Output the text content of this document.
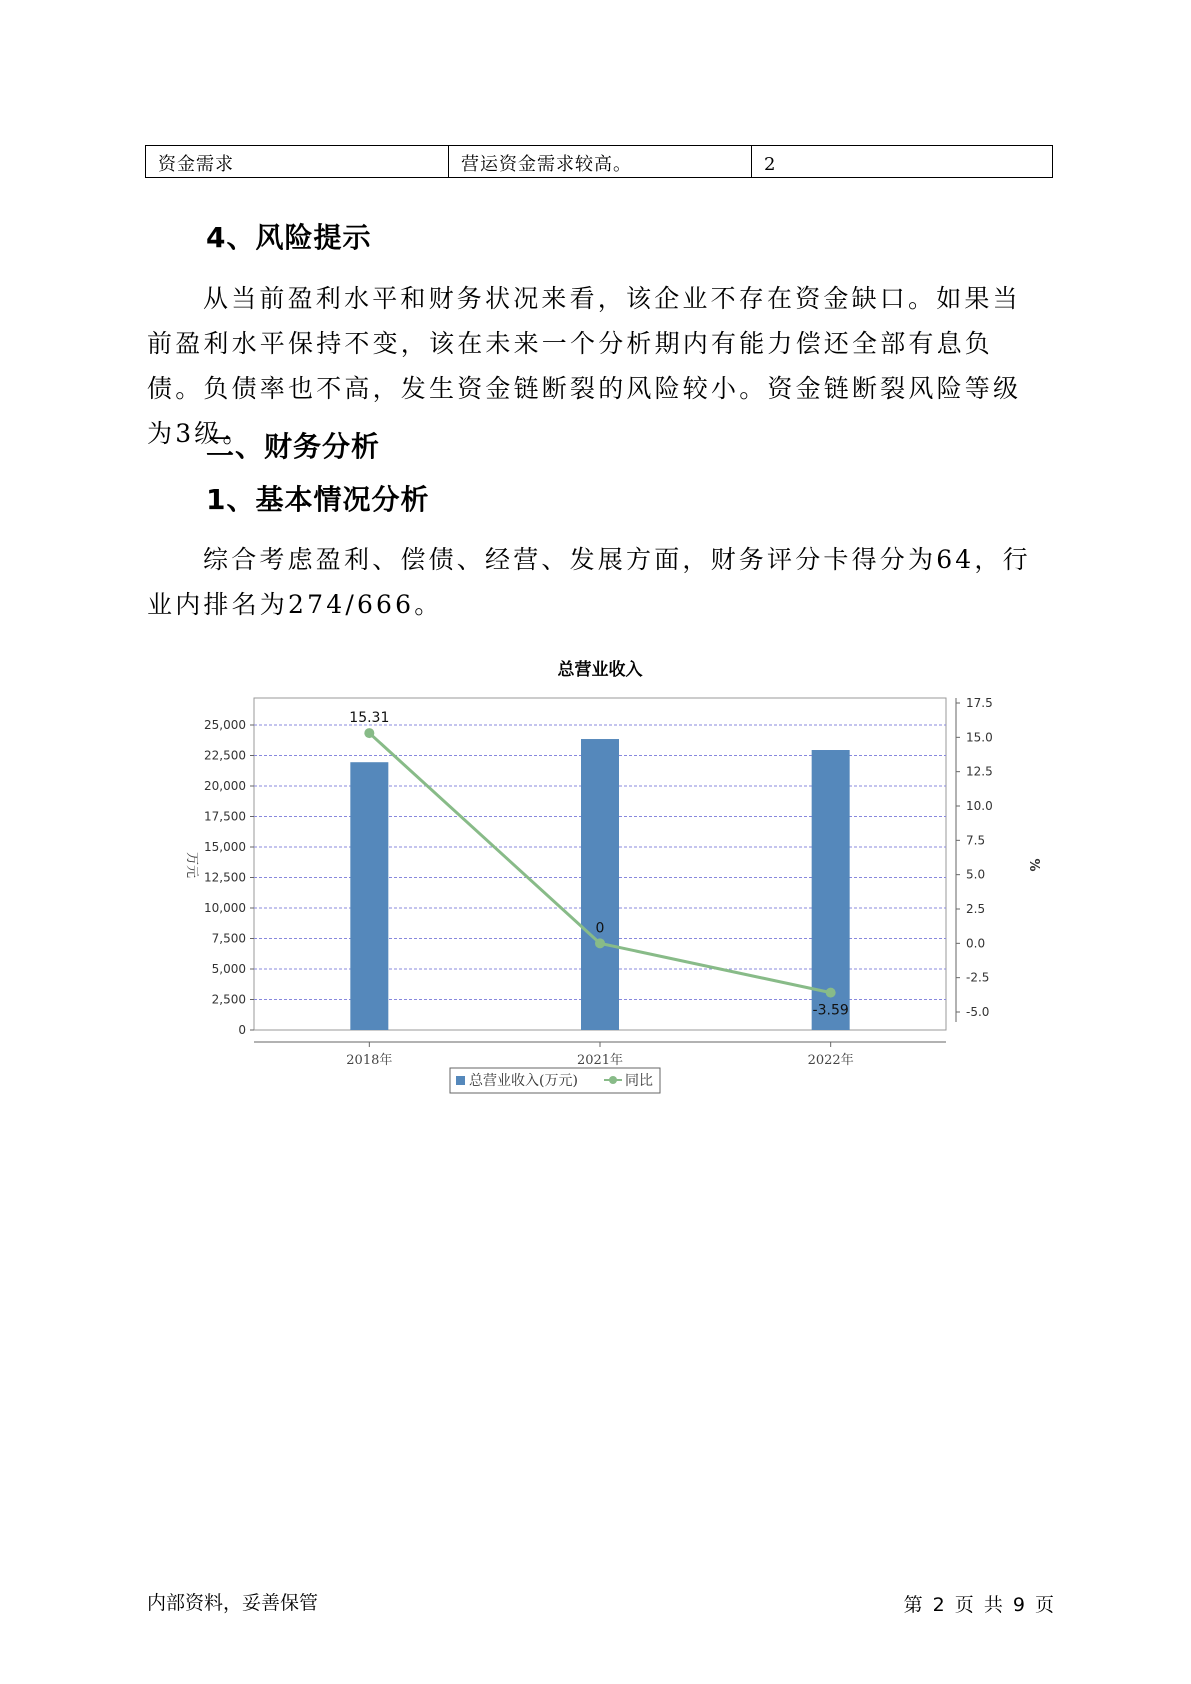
资金需求	营运资金需求较高。	2
4、风险提示

从当前盈利水平和财务状况来看，该企业不存在资金缺口。如果当前盈利水平保持不变，该在未来一个分析期内有能力偿还全部有息负债。负债率也不高，发生资金链断裂的风险较小。资金链断裂风险等级为3级。

二、财务分析
1、基本情况分析

综合考虑盈利、偿债、经营、发展方面，财务评分卡得分为64，行业内排名为274/666。

总营业收入
0
2,500
5,000
7,500
10,000
12,500
15,000
17,500
20,000
22,500
25,000
万元
-5.0
-2.5
0.0
2.5
5.0
7.5
10.0
12.5
15.0
17.5
%
2018年	2021年	2022年
15.31
0
-3.59
总营业收入(万元)	同比
内部资料，妥善保管	第 2 页 共 9 页
